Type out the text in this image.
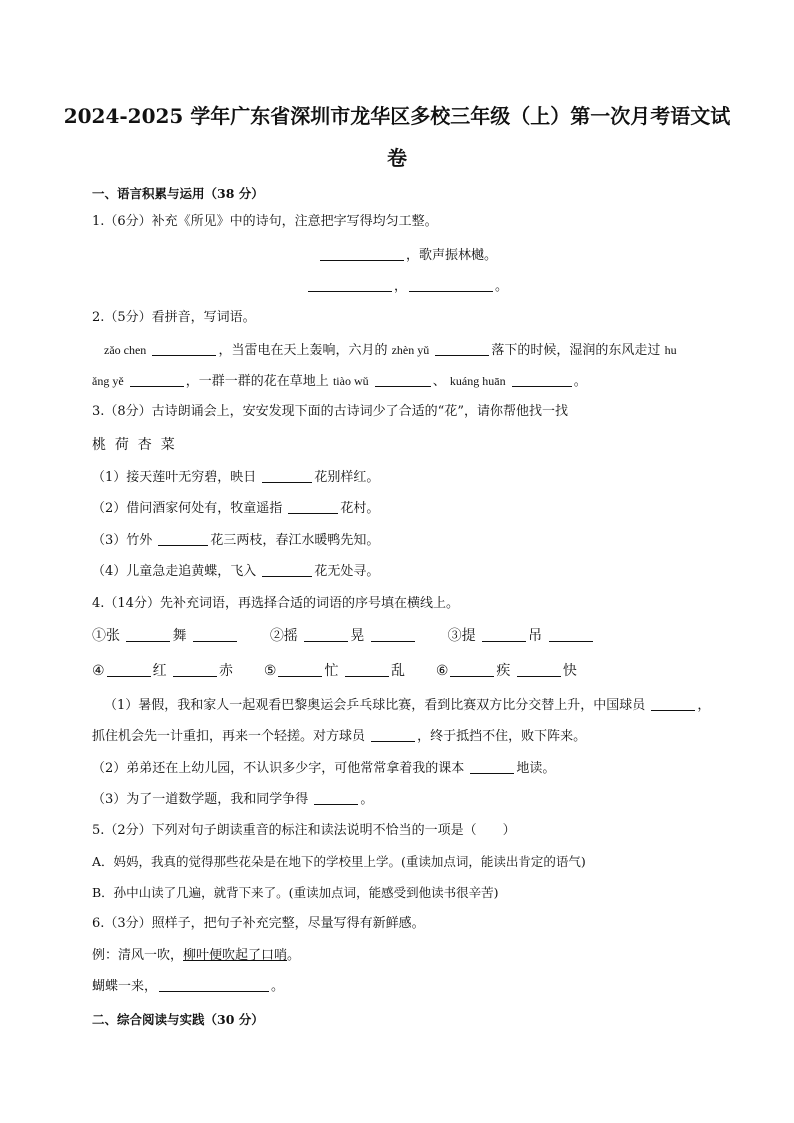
2024-2025 学年广东省深圳市龙华区多校三年级（上）第一次月考语文试
卷
一、语言积累与运用（38 分）
1.（6分）补充《所见》中的诗句，注意把字写得均匀工整。
，歌声振林樾。
，	。
2.（5分）看拼音，写词语。
zǎo chen	，当雷电在天上轰响，六月的 zhèn yǔ	落下的时候，湿润的东风走过 hu
ǎng yě	，一群一群的花在草地上 tiào wǔ	、 kuáng huān	。
3.（8分）古诗朗诵会上，安安发现下面的古诗词少了合适的“花”，请你帮他找一找
桃  荷  杏  菜
（1）接天莲叶无穷碧，映日	花别样红。
（2）借问酒家何处有，牧童遥指	花村。
（3）竹外	花三两枝，春江水暖鸭先知。
（4）儿童急走追黄蝶，飞入	花无处寻。
4.（14分）先补充词语，再选择合适的词语的序号填在横线上。
①张	舞	②摇	晃	③提	吊
④	红	赤 ⑤	忙	乱 ⑥	疾	快
（1）暑假，我和家人一起观看巴黎奥运会乒乓球比赛，看到比赛双方比分交替上升，中国球员	，
抓住机会先一计重扣，再来一个轻搓。对方球员	，终于抵挡不住，败下阵来。
（2）弟弟还在上幼儿园，不认识多少字，可他常常拿着我的课本	地读。
（3）为了一道数学题，我和同学争得	。
5.（2分）下列对句子朗读重音的标注和读法说明不恰当的一项是（　　）
A．妈妈，我真的觉得那些花朵是在地下的学校里上学。(重读加点词，能读出肯定的语气)
B．孙中山读了几遍，就背下来了。(重读加点词，能感受到他读书很辛苦)
6.（3分）照样子，把句子补充完整，尽量写得有新鲜感。
例：清风一吹，柳叶便吹起了口哨。
蝴蝶一来，	。
二、综合阅读与实践（30 分）
